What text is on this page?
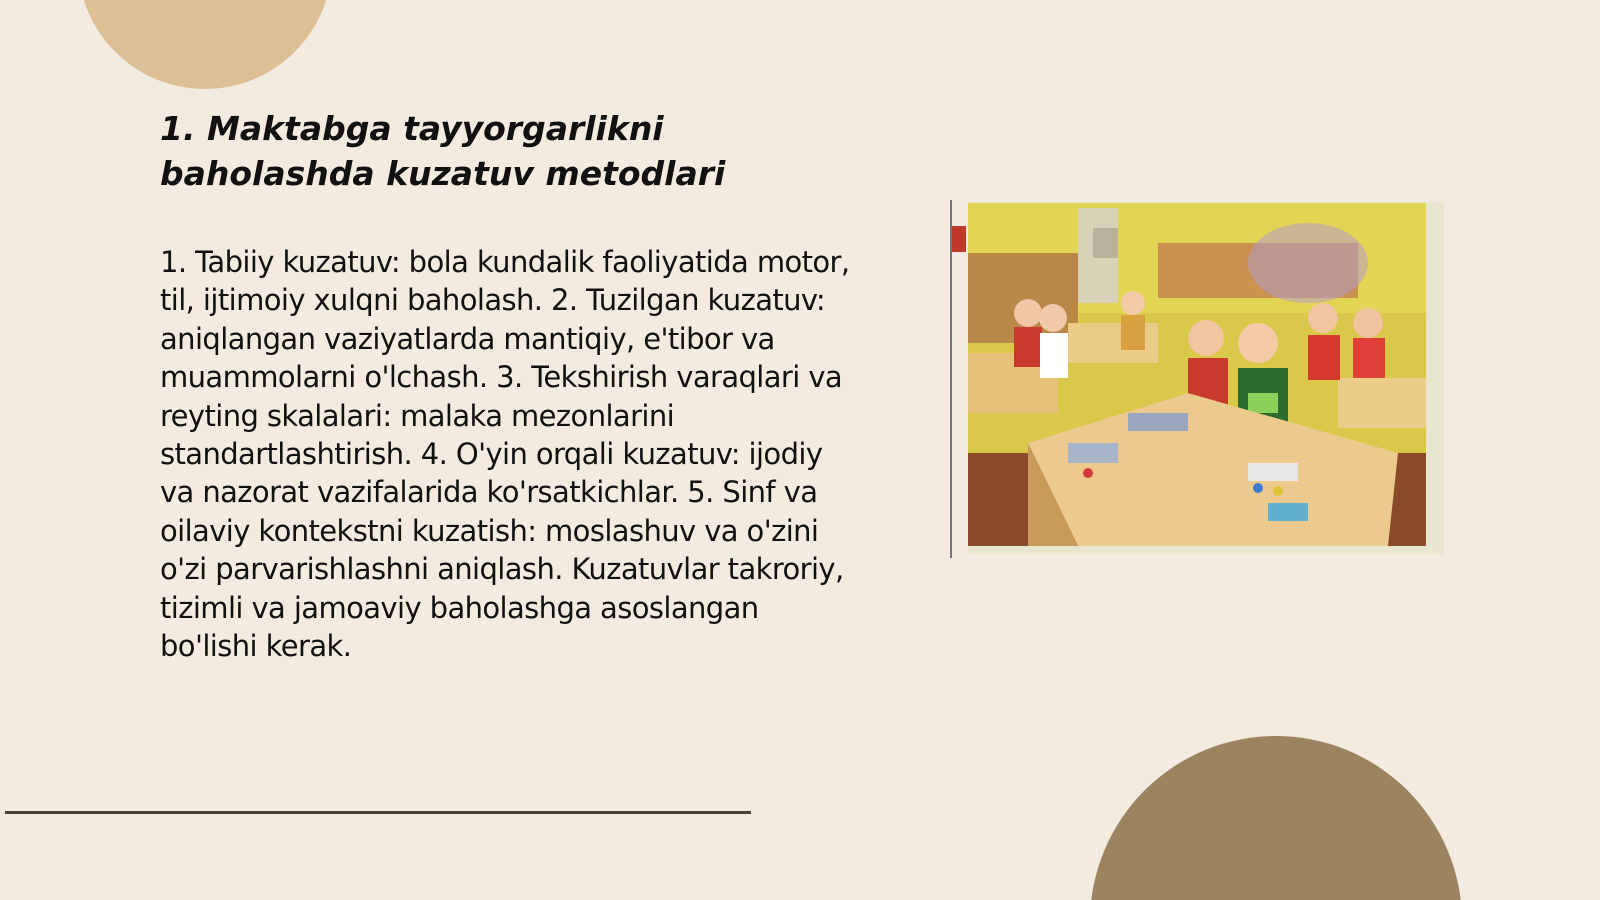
1. Maktabga tayyorgarlikni baholashda kuzatuv metodlari

1. Tabiiy kuzatuv: bola kundalik faoliyatida motor, til, ijtimoiy xulqni baholash. 2. Tuzilgan kuzatuv: aniqlangan vaziyatlarda mantiqiy, e'tibor va muammolarni o'lchash. 3. Tekshirish varaqlari va reyting skalalari: malaka mezonlarini standartlashtirish. 4. O'yin orqali kuzatuv: ijodiy va nazorat vazifalarida ko'rsatkichlar. 5. Sinf va oilaviy kontekstni kuzatish: moslashuv va o'zini o'zi parvarishlashni aniqlash. Kuzatuvlar takroriy, tizimli va jamoaviy baholashga asoslangan bo'lishi kerak.
